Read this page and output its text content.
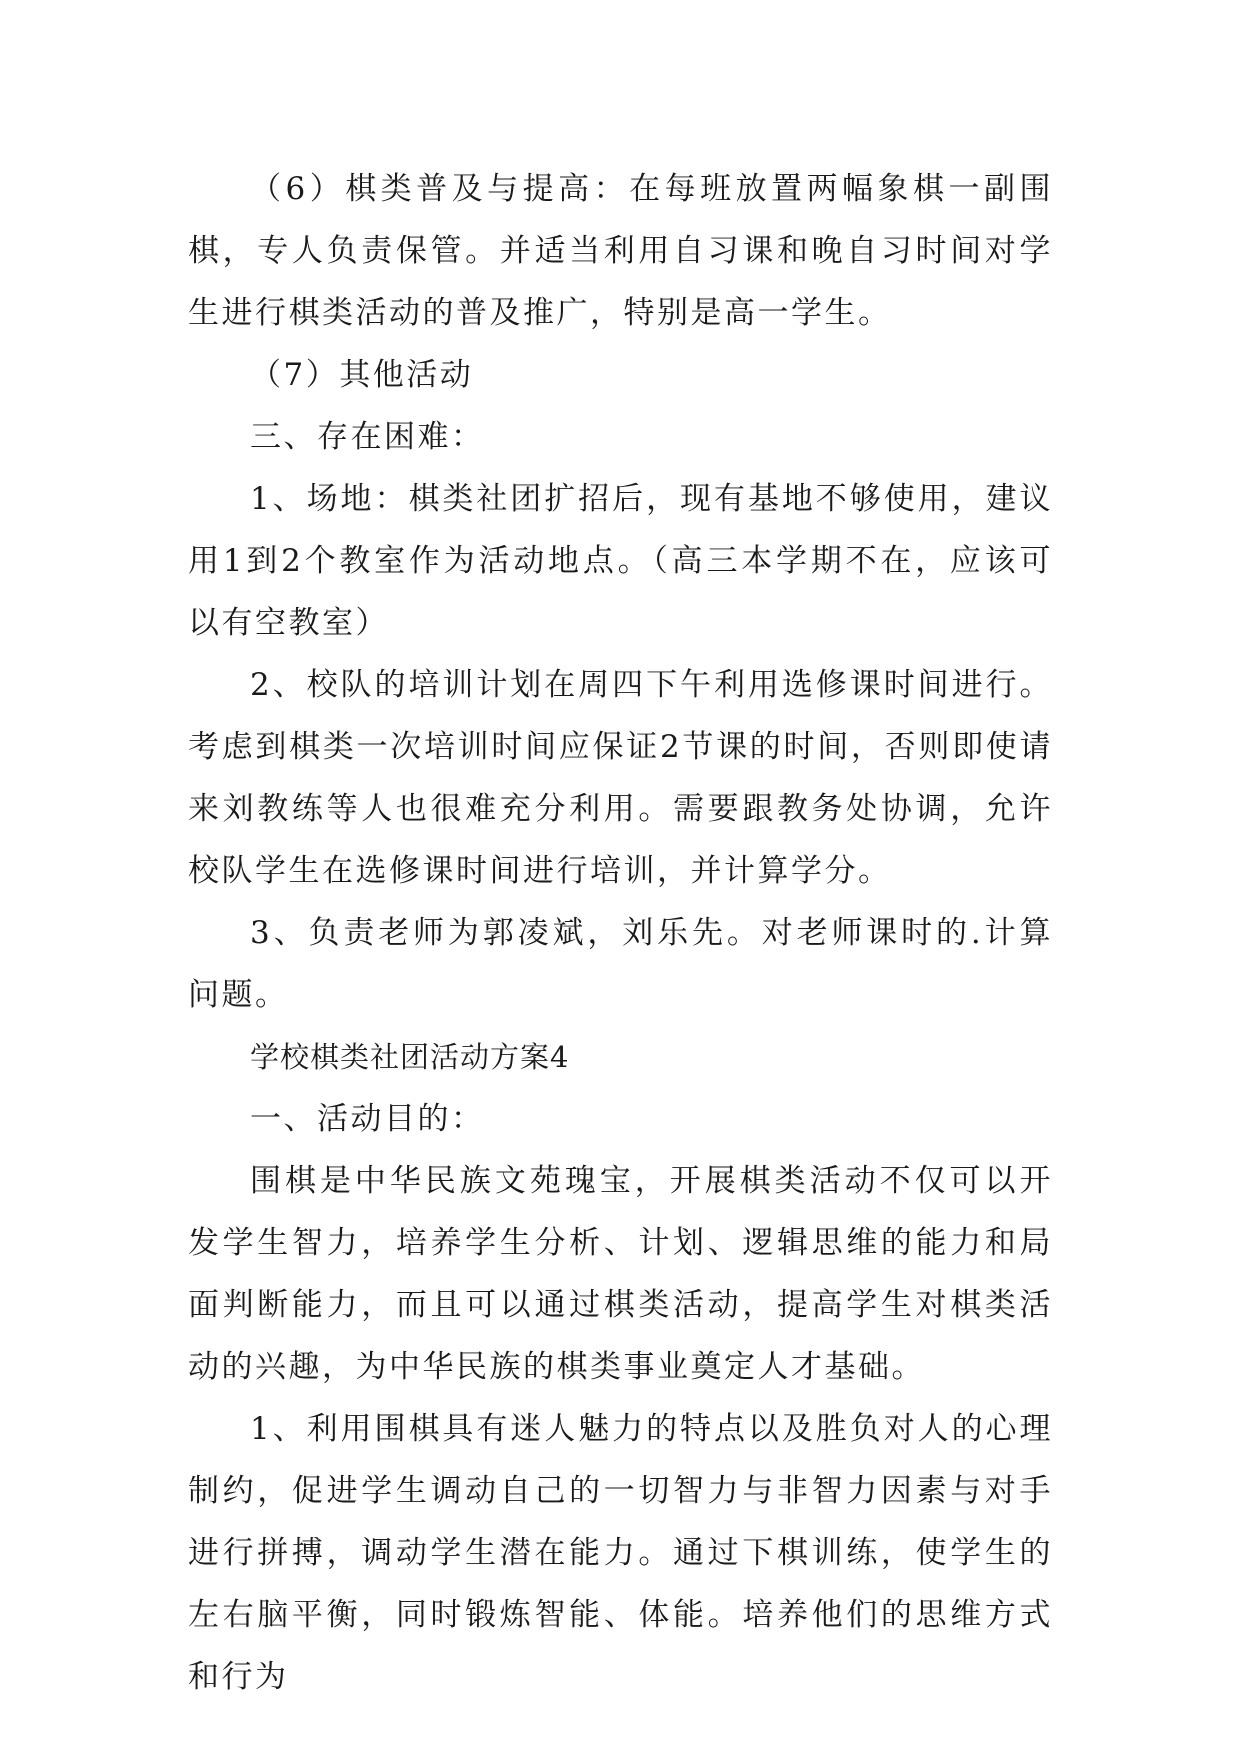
（6）棋类普及与提高：在每班放置两幅象棋一副围棋，专人负责保管。并适当利用自习课和晚自习时间对学生进行棋类活动的普及推广，特别是高一学生。

（7）其他活动

三、存在困难：

1、场地：棋类社团扩招后，现有基地不够使用，建议用1到2个教室作为活动地点。（高三本学期不在，应该可以有空教室）

2、校队的培训计划在周四下午利用选修课时间进行。考虑到棋类一次培训时间应保证2节课的时间，否则即使请来刘教练等人也很难充分利用。需要跟教务处协调，允许校队学生在选修课时间进行培训，并计算学分。

3、负责老师为郭凌斌，刘乐先。对老师课时的.计算问题。

学校棋类社团活动方案4

一、活动目的：

围棋是中华民族文苑瑰宝，开展棋类活动不仅可以开发学生智力，培养学生分析、计划、逻辑思维的能力和局面判断能力，而且可以通过棋类活动，提高学生对棋类活动的兴趣，为中华民族的棋类事业奠定人才基础。

1、利用围棋具有迷人魅力的特点以及胜负对人的心理制约，促进学生调动自己的一切智力与非智力因素与对手进行拼搏，调动学生潜在能力。通过下棋训练，使学生的左右脑平衡，同时锻炼智能、体能。培养他们的思维方式和行为
